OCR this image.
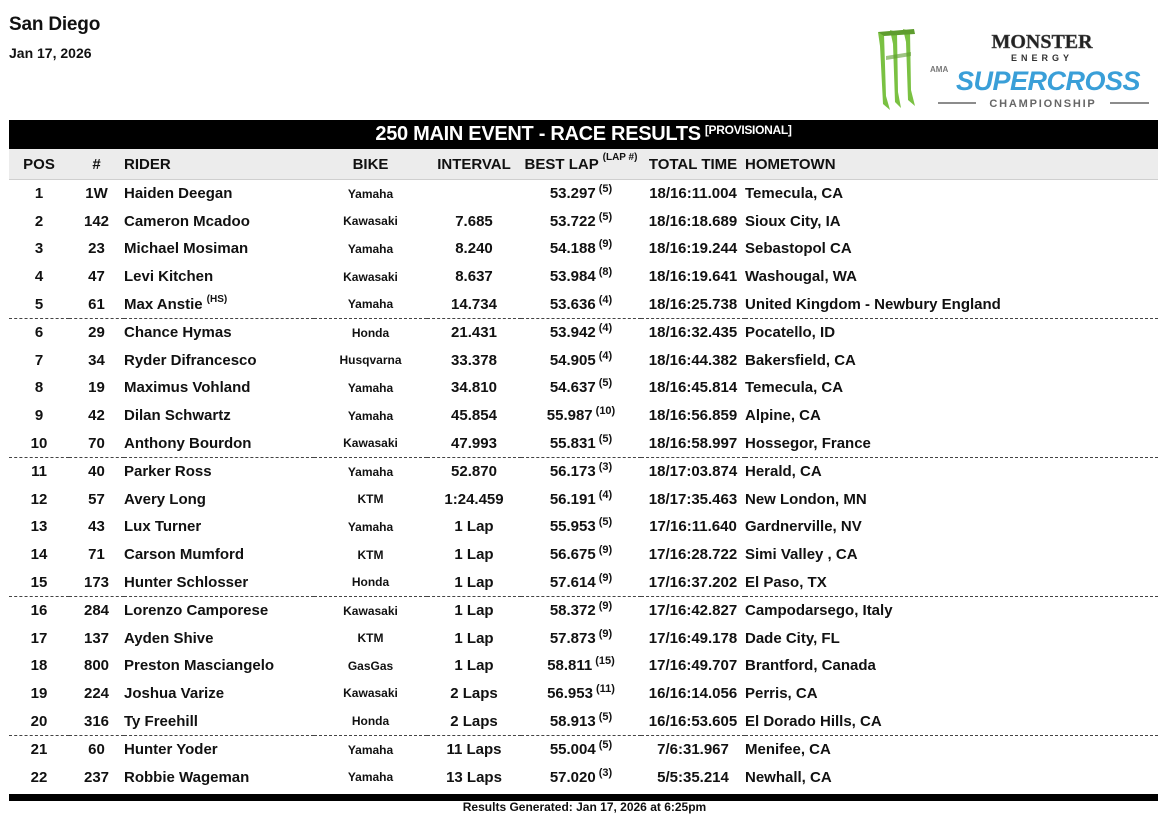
San Diego
Jan 17, 2026	MONSTER
ENERGY
AMA SUPERCROSS
CHAMPIONSHIP
250 MAIN EVENT - RACE RESULTS [PROVISIONAL]
POS	#	RIDER	BIKE	INTERVAL	BEST LAP $^{(LAP \#)}$	TOTAL TIME	HOMETOWN
1	1W	Haiden Deegan	Yamaha		53.297 $^{(5)}$	18/16:11.004	Temecula, CA
2	142	Cameron Mcadoo	Kawasaki	7.685	53.722 $^{(5)}$	18/16:18.689	Sioux City, IA
3	23	Michael Mosiman	Yamaha	8.240	54.188 $^{(9)}$	18/16:19.244	Sebastopol CA
4	47	Levi Kitchen	Kawasaki	8.637	53.984 $^{(8)}$	18/16:19.641	Washougal, WA
5	61	Max Anstie $^{(HS)}$	Yamaha	14.734	53.636 $^{(4)}$	18/16:25.738	United Kingdom - Newbury England
6	29	Chance Hymas	Honda	21.431	53.942 $^{(4)}$	18/16:32.435	Pocatello, ID
7	34	Ryder Difrancesco	Husqvarna	33.378	54.905 $^{(4)}$	18/16:44.382	Bakersfield, CA
8	19	Maximus Vohland	Yamaha	34.810	54.637 $^{(5)}$	18/16:45.814	Temecula, CA
9	42	Dilan Schwartz	Yamaha	45.854	55.987 $^{(10)}$	18/16:56.859	Alpine, CA
10	70	Anthony Bourdon	Kawasaki	47.993	55.831 $^{(5)}$	18/16:58.997	Hossegor, France
11	40	Parker Ross	Yamaha	52.870	56.173 $^{(3)}$	18/17:03.874	Herald, CA
12	57	Avery Long	KTM	1:24.459	56.191 $^{(4)}$	18/17:35.463	New London, MN
13	43	Lux Turner	Yamaha	1 Lap	55.953 $^{(5)}$	17/16:11.640	Gardnerville, NV
14	71	Carson Mumford	KTM	1 Lap	56.675 $^{(9)}$	17/16:28.722	Simi Valley , CA
15	173	Hunter Schlosser	Honda	1 Lap	57.614 $^{(9)}$	17/16:37.202	El Paso, TX
16	284	Lorenzo Camporese	Kawasaki	1 Lap	58.372 $^{(9)}$	17/16:42.827	Campodarsego, Italy
17	137	Ayden Shive	KTM	1 Lap	57.873 $^{(9)}$	17/16:49.178	Dade City, FL
18	800	Preston Masciangelo	GasGas	1 Lap	58.811 $^{(15)}$	17/16:49.707	Brantford, Canada
19	224	Joshua Varize	Kawasaki	2 Laps	56.953 $^{(11)}$	16/16:14.056	Perris, CA
20	316	Ty Freehill	Honda	2 Laps	58.913 $^{(5)}$	16/16:53.605	El Dorado Hills, CA
21	60	Hunter Yoder	Yamaha	11 Laps	55.004 $^{(5)}$	7/6:31.967	Menifee, CA
22	237	Robbie Wageman	Yamaha	13 Laps	57.020 $^{(3)}$	5/5:35.214	Newhall, CA
Results Generated: Jan 17, 2026 at 6:25pm
